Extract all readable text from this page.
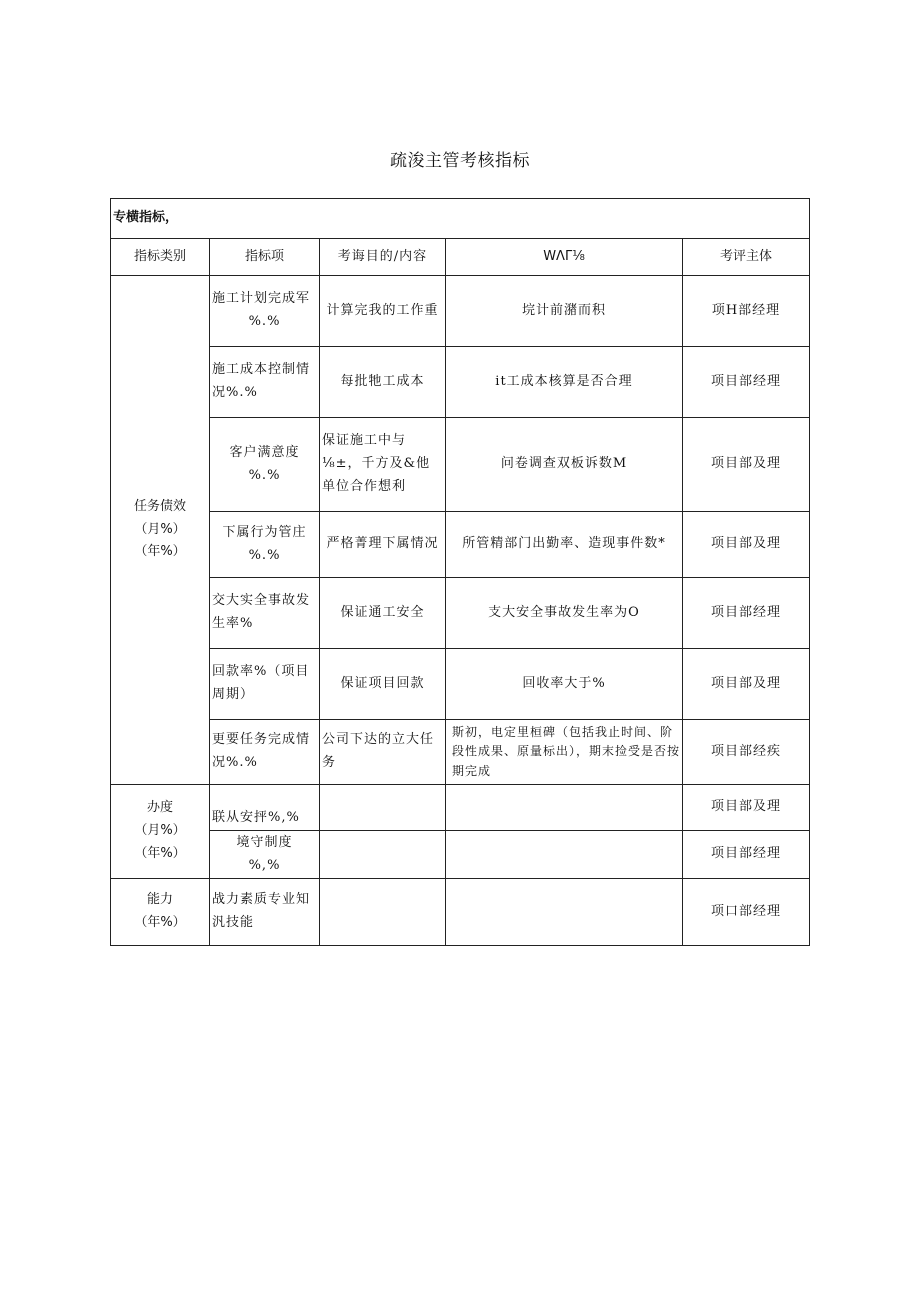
疏浚主管考核指标
专横指标，				
指标类别	指标项	考诲目的/内容	WΛΓ⅛	考评主体

任务债效
（月%）
（年%）	施工计划完成军
%.%	计算完我的工作重	垸计前潴而积	项H部经理
	施工成本控制情况%.%	每批牠工成本	it工成本核算是否合理	项目部经理

	客户满意度
%.%	保证施工中与⅛±，千方及&他单位合作想利	问卷调查双板诉数M	项目部及理

	下属行为管庄
%.%	严格菁理下属情况	所管精部门出勤率、造现事件数*	项目部及理
	交大实全事故发生率%	保证通工安全	支大安全事故发生率为O	项目部经理
	回款率%（项目周期）	保证项目回款	回收率大于%	项目部及理
	更要任务完成情况%.%	公司下达的立大任务	斯初，电定里桓碑（包括我止时间、阶段性成果、原量标出），期末捡受是否按期完成	项目部经疾

办度
（月%）
（年%）	联从安抨%,%			项目部及理

	境守制度
%,%			项目部经理

能力
（年%）	战力素质专业知汎技能			项口部经理
